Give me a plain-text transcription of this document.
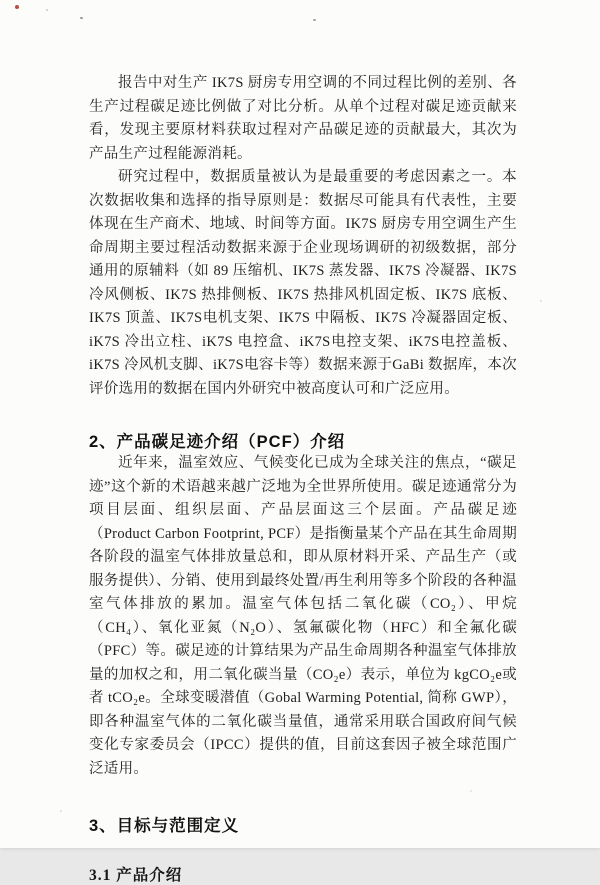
报告中对生产 IK7S 厨房专用空调的不同过程比例的差别、各生产过程碳足迹比例做了对比分析。从单个过程对碳足迹贡献来看，发现主要原材料获取过程对产品碳足迹的贡献最大，其次为产品生产过程能源消耗。

研究过程中，数据质量被认为是最重要的考虑因素之一。本次数据收集和选择的指导原则是：数据尽可能具有代表性，主要体现在生产商术、地域、时间等方面。IK7S 厨房专用空调生产生命周期主要过程活动数据来源于企业现场调研的初级数据，部分通用的原辅料（如 89 压缩机、IK7S 蒸发器、IK7S 冷凝器、IK7S冷风侧板、IK7S 热排侧板、IK7S 热排风机固定板、IK7S 底板、IK7S 顶盖、IK7S电机支架、IK7S 中隔板、IK7S 冷凝器固定板、iK7S 冷出立柱、iK7S 电控盒、iK7S电控支架、iK7S电控盖板、iK7S 冷风机支脚、iK7S电容卡等）数据来源于GaBi 数据库，本次评价选用的数据在国内外研究中被高度认可和广泛应用。

2、产品碳足迹介绍（PCF）介绍

近年来，温室效应、气候变化已成为全球关注的焦点，“碳足迹”这个新的术语越来越广泛地为全世界所使用。碳足迹通常分为项目层面、组织层面、产品层面这三个层面。产品碳足迹（Product Carbon Footprint, PCF）是指衡量某个产品在其生命周期各阶段的温室气体排放量总和，即从原材料开采、产品生产（或服务提供）、分销、使用到最终处置/再生利用等多个阶段的各种温室气体排放的累加。温室气体包括二氧化碳（CO₂）、甲烷（CH₄）、氧化亚氮（N₂O）、氢氟碳化物（HFC）和全氟化碳（PFC）等。碳足迹的计算结果为产品生命周期各种温室气体排放量的加权之和，用二氧化碳当量（CO₂e）表示，单位为 kgCO₂e或者 tCO₂e。全球变暖潜值（Gobal Warming Potential, 简称 GWP），即各种温室气体的二氧化碳当量值，通常采用联合国政府间气候变化专家委员会（IPCC）提供的值，目前这套因子被全球范围广泛适用。

3、目标与范围定义
3.1 产品介绍
